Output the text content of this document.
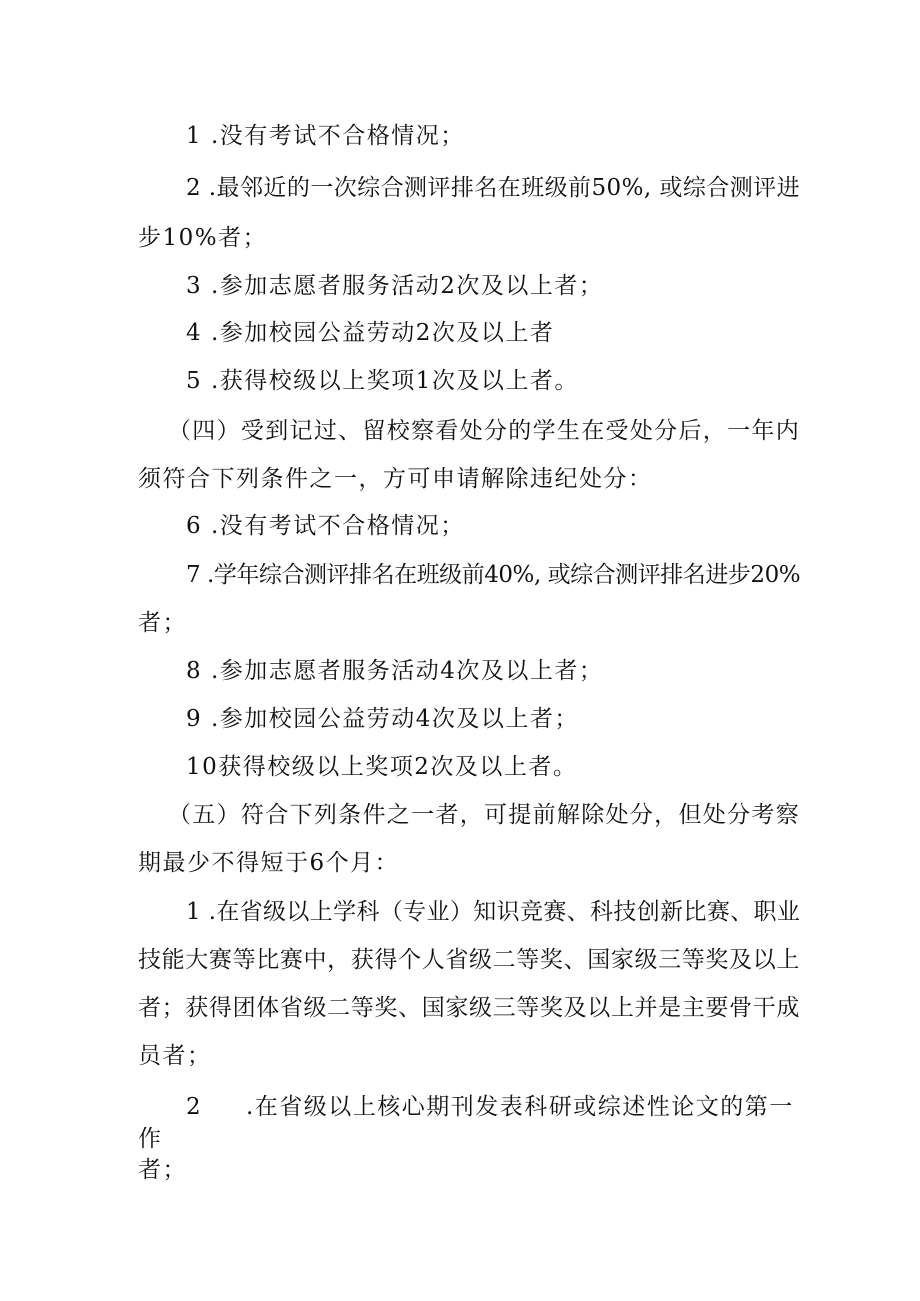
1 .没有考试不合格情况；
2 .最邻近的一次综合测评排名在班级前50%, 或综合测评进
步10%者；
3 .参加志愿者服务活动2次及以上者；
4 .参加校园公益劳动2次及以上者
5 .获得校级以上奖项1次及以上者。
（四）受到记过、留校察看处分的学生在受处分后，一年内
须符合下列条件之一，方可申请解除违纪处分：
6 .没有考试不合格情况；
7 .学年综合测评排名在班级前40%, 或综合测评排名进步20%
者；
8 .参加志愿者服务活动4次及以上者；
9 .参加校园公益劳动4次及以上者；
10获得校级以上奖项2次及以上者。
（五）符合下列条件之一者，可提前解除处分，但处分考察
期最少不得短于6个月：
1 .在省级以上学科（专业）知识竞赛、科技创新比赛、职业
技能大赛等比赛中，获得个人省级二等奖、国家级三等奖及以上
者；获得团体省级二等奖、国家级三等奖及以上并是主要骨干成
员者；
2 .在省级以上核心期刊发表科研或综述性论文的第一
作
者；
